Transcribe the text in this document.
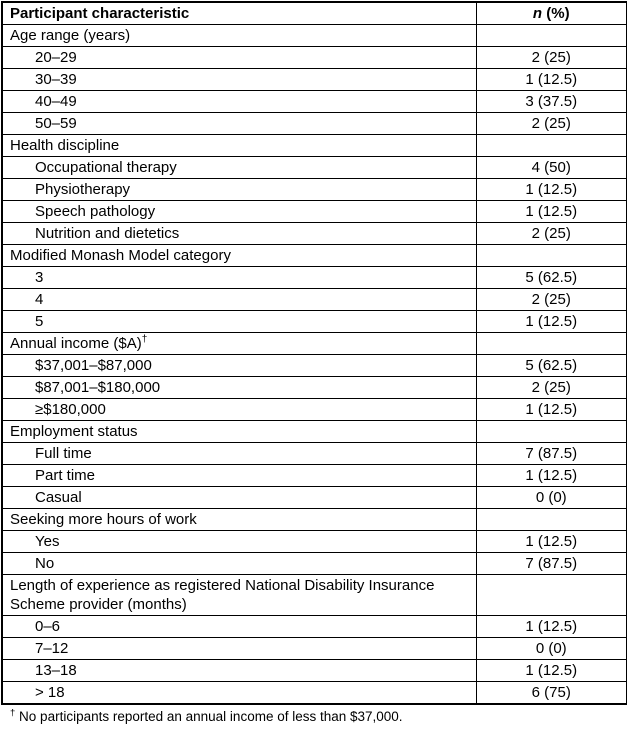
Participant characteristic	n (%)
Age range (years)	
20–29	2 (25)
30–39	1 (12.5)
40–49	3 (37.5)
50–59	2 (25)
Health discipline	
Occupational therapy	4 (50)
Physiotherapy	1 (12.5)
Speech pathology	1 (12.5)
Nutrition and dietetics	2 (25)
Modified Monash Model category	
3	5 (62.5)
4	2 (25)
5	1 (12.5)
Annual income ($A)†	
$37,001–$87,000	5 (62.5)
$87,001–$180,000	2 (25)
≥$180,000	1 (12.5)
Employment status	
Full time	7 (87.5)
Part time	1 (12.5)
Casual	0 (0)
Seeking more hours of work	
Yes	1 (12.5)
No	7 (87.5)
Length of experience as registered National Disability Insurance Scheme provider (months)	
0–6	1 (12.5)
7–12	0 (0)
13–18	1 (12.5)
> 18	6 (75)
† No participants reported an annual income of less than $37,000.
